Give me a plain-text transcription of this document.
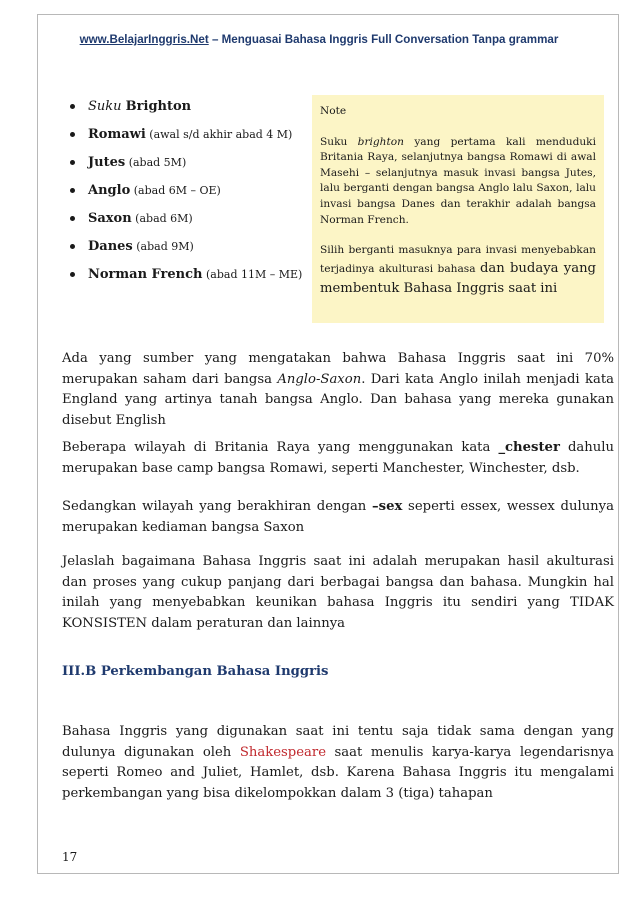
www.BelajarInggris.Net – Menguasai Bahasa Inggris Full Conversation Tanpa grammar
Suku Brighton
Romawi (awal s/d akhir abad 4 M)
Jutes (abad 5M)
Anglo (abad 6M – OE)
Saxon (abad 6M)
Danes (abad 9M)
Norman French (abad 11M – ME)

Note

Suku brighton yang pertama kali menduduki Britania Raya, selanjutnya bangsa Romawi di awal Masehi – selanjutnya masuk invasi bangsa Jutes, lalu berganti dengan bangsa Anglo lalu Saxon, lalu invasi bangsa Danes dan terakhir adalah bangsa Norman French.

Silih berganti masuknya para invasi menyebabkan terjadinya akulturasi bahasa dan budaya yang membentuk Bahasa Inggris saat ini

Ada yang sumber yang mengatakan bahwa Bahasa Inggris saat ini 70% merupakan saham dari bangsa Anglo-Saxon. Dari kata Anglo inilah menjadi kata England yang artinya tanah bangsa Anglo. Dan bahasa yang mereka gunakan disebut English

Beberapa wilayah di Britania Raya yang menggunakan kata _chester dahulu merupakan base camp bangsa Romawi, seperti Manchester, Winchester, dsb.

Sedangkan wilayah yang berakhiran dengan –sex seperti essex, wessex dulunya merupakan kediaman bangsa Saxon

Jelaslah bagaimana Bahasa Inggris saat ini adalah merupakan hasil akulturasi dan proses yang cukup panjang dari berbagai bangsa dan bahasa. Mungkin hal inilah yang menyebabkan keunikan bahasa Inggris itu sendiri yang TIDAK KONSISTEN dalam peraturan dan lainnya

III.B Perkembangan Bahasa Inggris

Bahasa Inggris yang digunakan saat ini tentu saja tidak sama dengan yang dulunya digunakan oleh Shakespeare saat menulis karya-karya legendarisnya seperti Romeo and Juliet, Hamlet, dsb. Karena Bahasa Inggris itu mengalami perkembangan yang bisa dikelompokkan dalam 3 (tiga) tahapan

17
